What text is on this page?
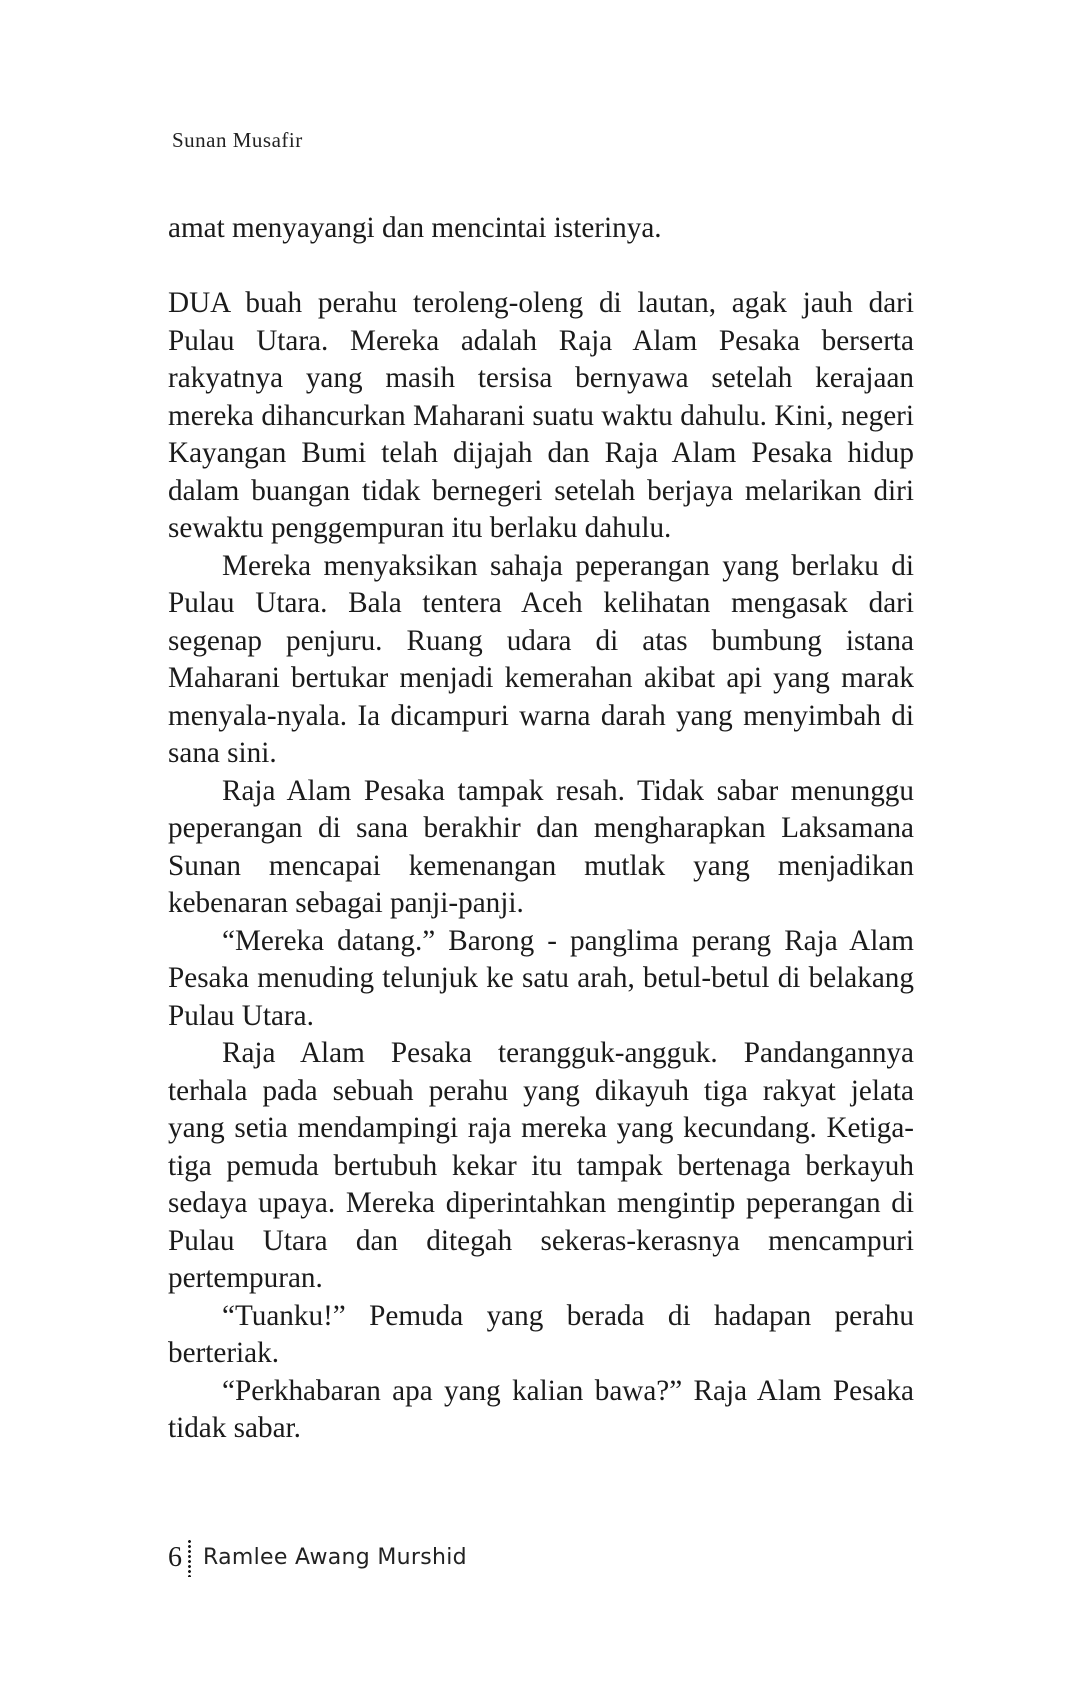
Sunan Musafir

amat menyayangi dan mencintai isterinya.

DUA buah perahu teroleng-oleng di lautan, agak jauh dari Pulau Utara. Mereka adalah Raja Alam Pesaka berserta rakyatnya yang masih tersisa bernyawa setelah kerajaan mereka dihancurkan Maharani suatu waktu dahulu. Kini, negeri Kayangan Bumi telah dijajah dan Raja Alam Pesaka hidup dalam buangan tidak bernegeri setelah berjaya melarikan diri sewaktu penggempuran itu berlaku dahulu.

Mereka menyaksikan sahaja peperangan yang berlaku di Pulau Utara. Bala tentera Aceh kelihatan mengasak dari segenap penjuru. Ruang udara di atas bumbung istana Maharani bertukar menjadi kemerahan akibat api yang marak menyala-nyala. Ia dicampuri warna darah yang menyimbah di sana sini.

Raja Alam Pesaka tampak resah. Tidak sabar menunggu peperangan di sana berakhir dan mengharapkan Laksamana Sunan mencapai kemenangan mutlak yang menjadikan kebenaran sebagai panji-panji.

“Mereka datang.” Barong - panglima perang Raja Alam Pesaka menuding telunjuk ke satu arah, betul-betul di belakang Pulau Utara.

Raja Alam Pesaka terangguk-angguk. Pandangannya terhala pada sebuah perahu yang dikayuh tiga rakyat jelata yang setia mendampingi raja mereka yang kecundang. Ketiga-tiga pemuda bertubuh kekar itu tampak bertenaga berkayuh sedaya upaya. Mereka diperintahkan mengintip peperangan di Pulau Utara dan ditegah sekeras-kerasnya mencampuri pertempuran.

“Tuanku!” Pemuda yang berada di hadapan perahu berteriak.

“Perkhabaran apa yang kalian bawa?” Raja Alam Pesaka tidak sabar.

6 Ramlee Awang Murshid
